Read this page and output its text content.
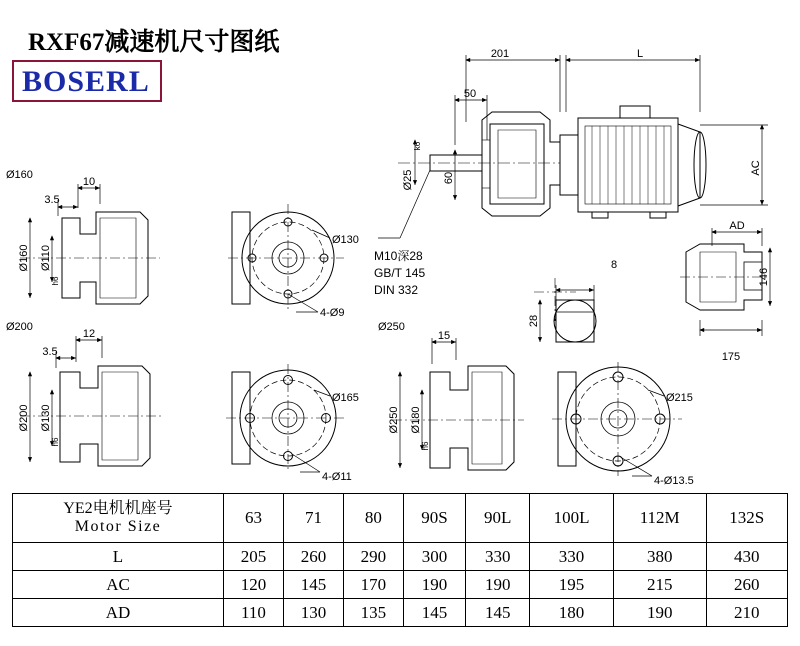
RXF67减速机尺寸图纸
BOSERL
201	L
50
Ø25
k6
60
AC
M10深28
GB/T 145
DIN 332
8
28
AD
146
175
Ø160
10
3.5
Ø160 Ø110
h6
Ø130
4-Ø9
Ø200
12
3.5
Ø200 Ø130
h6
Ø165
4-Ø11
Ø250
15
Ø250 Ø180
h6
Ø215
4-Ø13.5
YE2电机机座号
Motor Size	63	71	80	90S	90L	100L	112M	132S
L	205	260	290	300	330	330	380	430
AC	120	145	170	190	190	195	215	260
AD	110	130	135	145	145	180	190	210
